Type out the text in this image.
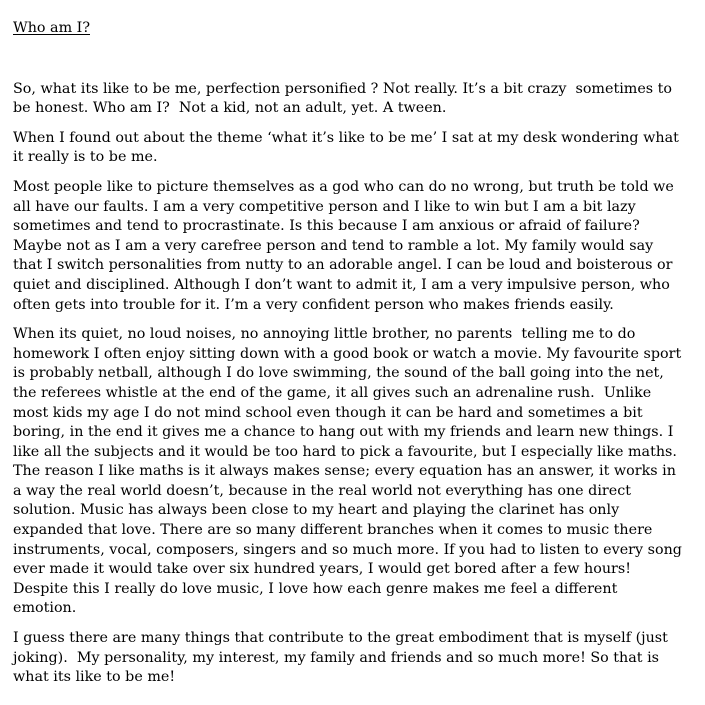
Who am I?

So, what its like to be me, perfection personified ? Not really. It’s a bit crazy  sometimes to be honest. Who am I?  Not a kid, not an adult, yet. A tween.

When I found out about the theme ‘what it’s like to be me’ I sat at my desk wondering what it really is to be me.

Most people like to picture themselves as a god who can do no wrong, but truth be told we all have our faults. I am a very competitive person and I like to win but I am a bit lazy sometimes and tend to procrastinate. Is this because I am anxious or afraid of failure? Maybe not as I am a very carefree person and tend to ramble a lot. My family would say that I switch personalities from nutty to an adorable angel. I can be loud and boisterous or quiet and disciplined. Although I don’t want to admit it, I am a very impulsive person, who often gets into trouble for it. I’m a very confident person who makes friends easily.

When its quiet, no loud noises, no annoying little brother, no parents  telling me to do homework I often enjoy sitting down with a good book or watch a movie. My favourite sport is probably netball, although I do love swimming, the sound of the ball going into the net, the referees whistle at the end of the game, it all gives such an adrenaline rush.  Unlike most kids my age I do not mind school even though it can be hard and sometimes a bit boring, in the end it gives me a chance to hang out with my friends and learn new things. I like all the subjects and it would be too hard to pick a favourite, but I especially like maths. The reason I like maths is it always makes sense; every equation has an answer, it works in a way the real world doesn’t, because in the real world not everything has one direct solution. Music has always been close to my heart and playing the clarinet has only expanded that love. There are so many different branches when it comes to music there instruments, vocal, composers, singers and so much more. If you had to listen to every song ever made it would take over six hundred years, I would get bored after a few hours! Despite this I really do love music, I love how each genre makes me feel a different emotion.

I guess there are many things that contribute to the great embodiment that is myself (just joking).  My personality, my interest, my family and friends and so much more! So that is what its like to be me!
